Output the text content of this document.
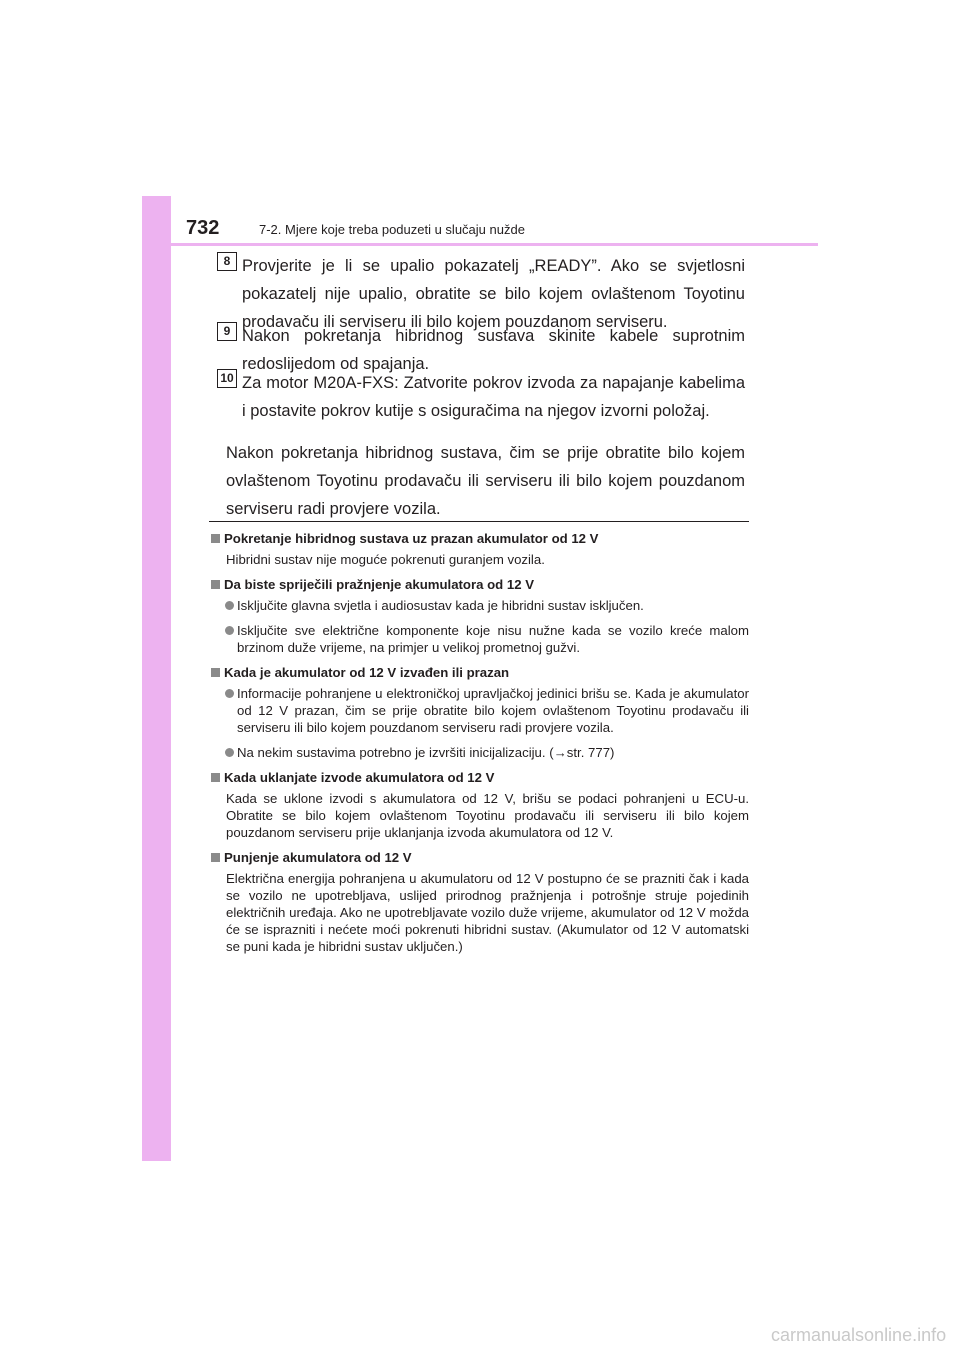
732	7-2. Mjere koje treba poduzeti u slučaju nužde
8 Provjerite je li se upalio pokazatelj „READY”. Ako se svjetlosni pokazatelj nije upalio, obratite se bilo kojem ovlaštenom Toyotinu prodavaču ili serviseru ili bilo kojem pouzdanom serviseru.
9 Nakon pokretanja hibridnog sustava skinite kabele suprotnim redoslijedom od spajanja.
10 Za motor M20A-FXS: Zatvorite pokrov izvoda za napajanje kabelima i postavite pokrov kutije s osiguračima na njegov izvorni položaj.
Nakon pokretanja hibridnog sustava, čim se prije obratite bilo kojem ovlaštenom Toyotinu prodavaču ili serviseru ili bilo kojem pouzdanom serviseru radi provjere vozila.
Pokretanje hibridnog sustava uz prazan akumulator od 12 V
Hibridni sustav nije moguće pokrenuti guranjem vozila.
Da biste spriječili pražnjenje akumulatora od 12 V
Isključite glavna svjetla i audiosustav kada je hibridni sustav isključen.
Isključite sve električne komponente koje nisu nužne kada se vozilo kreće malom brzinom duže vrijeme, na primjer u velikoj prometnoj gužvi.
Kada je akumulator od 12 V izvađen ili prazan
Informacije pohranjene u elektroničkoj upravljačkoj jedinici brišu se. Kada je akumulator od 12 V prazan, čim se prije obratite bilo kojem ovlaštenom Toyotinu prodavaču ili serviseru ili bilo kojem pouzdanom serviseru radi provjere vozila.
Na nekim sustavima potrebno je izvršiti inicijalizaciju. (→str. 777)
Kada uklanjate izvode akumulatora od 12 V
Kada se uklone izvodi s akumulatora od 12 V, brišu se podaci pohranjeni u ECU-u. Obratite se bilo kojem ovlaštenom Toyotinu prodavaču ili serviseru ili bilo kojem pouzdanom serviseru prije uklanjanja izvoda akumulatora od 12 V.
Punjenje akumulatora od 12 V
Električna energija pohranjena u akumulatoru od 12 V postupno će se prazniti čak i kada se vozilo ne upotrebljava, uslijed prirodnog pražnjenja i potrošnje struje pojedinih električnih uređaja. Ako ne upotrebljavate vozilo duže vrijeme, akumulator od 12 V možda će se isprazniti i nećete moći pokrenuti hibridni sustav. (Akumulator od 12 V automatski se puni kada je hibridni sustav uključen.)
carmanualsonline.info
